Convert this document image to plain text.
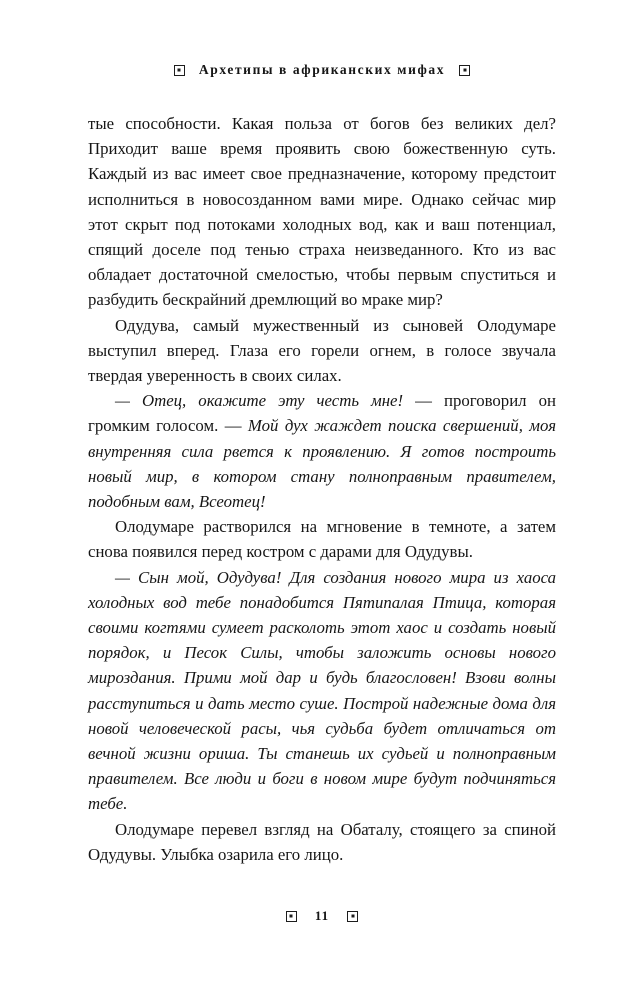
Архетипы в африканских мифах

тые способности. Какая польза от богов без великих дел? Приходит ваше время проявить свою божественную суть. Каждый из вас имеет свое предназначение, которому предстоит исполниться в новосозданном вами мире. Однако сейчас мир этот скрыт под потоками холодных вод, как и ваш потенциал, спящий доселе под тенью страха неизведанного. Кто из вас обладает достаточной смелостью, чтобы первым спуститься и разбудить бескрайний дремлющий во мраке мир?

Одудува, самый мужественный из сыновей Олодумаре выступил вперед. Глаза его горели огнем, в голосе звучала твердая уверенность в своих силах.

— Отец, окажите эту честь мне! — проговорил он громким голосом. — Мой дух жаждет поиска свершений, моя внутренняя сила рвется к проявлению. Я готов построить новый мир, в котором стану полноправным правителем, подобным вам, Всеотец!

Олодумаре растворился на мгновение в темноте, а затем снова появился перед костром с дарами для Одудувы.

— Сын мой, Одудува! Для создания нового мира из хаоса холодных вод тебе понадобится Пятипалая Птица, которая своими когтями сумеет расколоть этот хаос и создать новый порядок, и Песок Силы, чтобы заложить основы нового мироздания. Прими мой дар и будь благословен! Взови волны расступиться и дать место суше. Построй надежные дома для новой человеческой расы, чья судьба будет отличаться от вечной жизни ориша. Ты станешь их судьей и полноправным правителем. Все люди и боги в новом мире будут подчиняться тебе.

Олодумаре перевел взгляд на Обаталу, стоящего за спиной Одудувы. Улыбка озарила его лицо.

11
